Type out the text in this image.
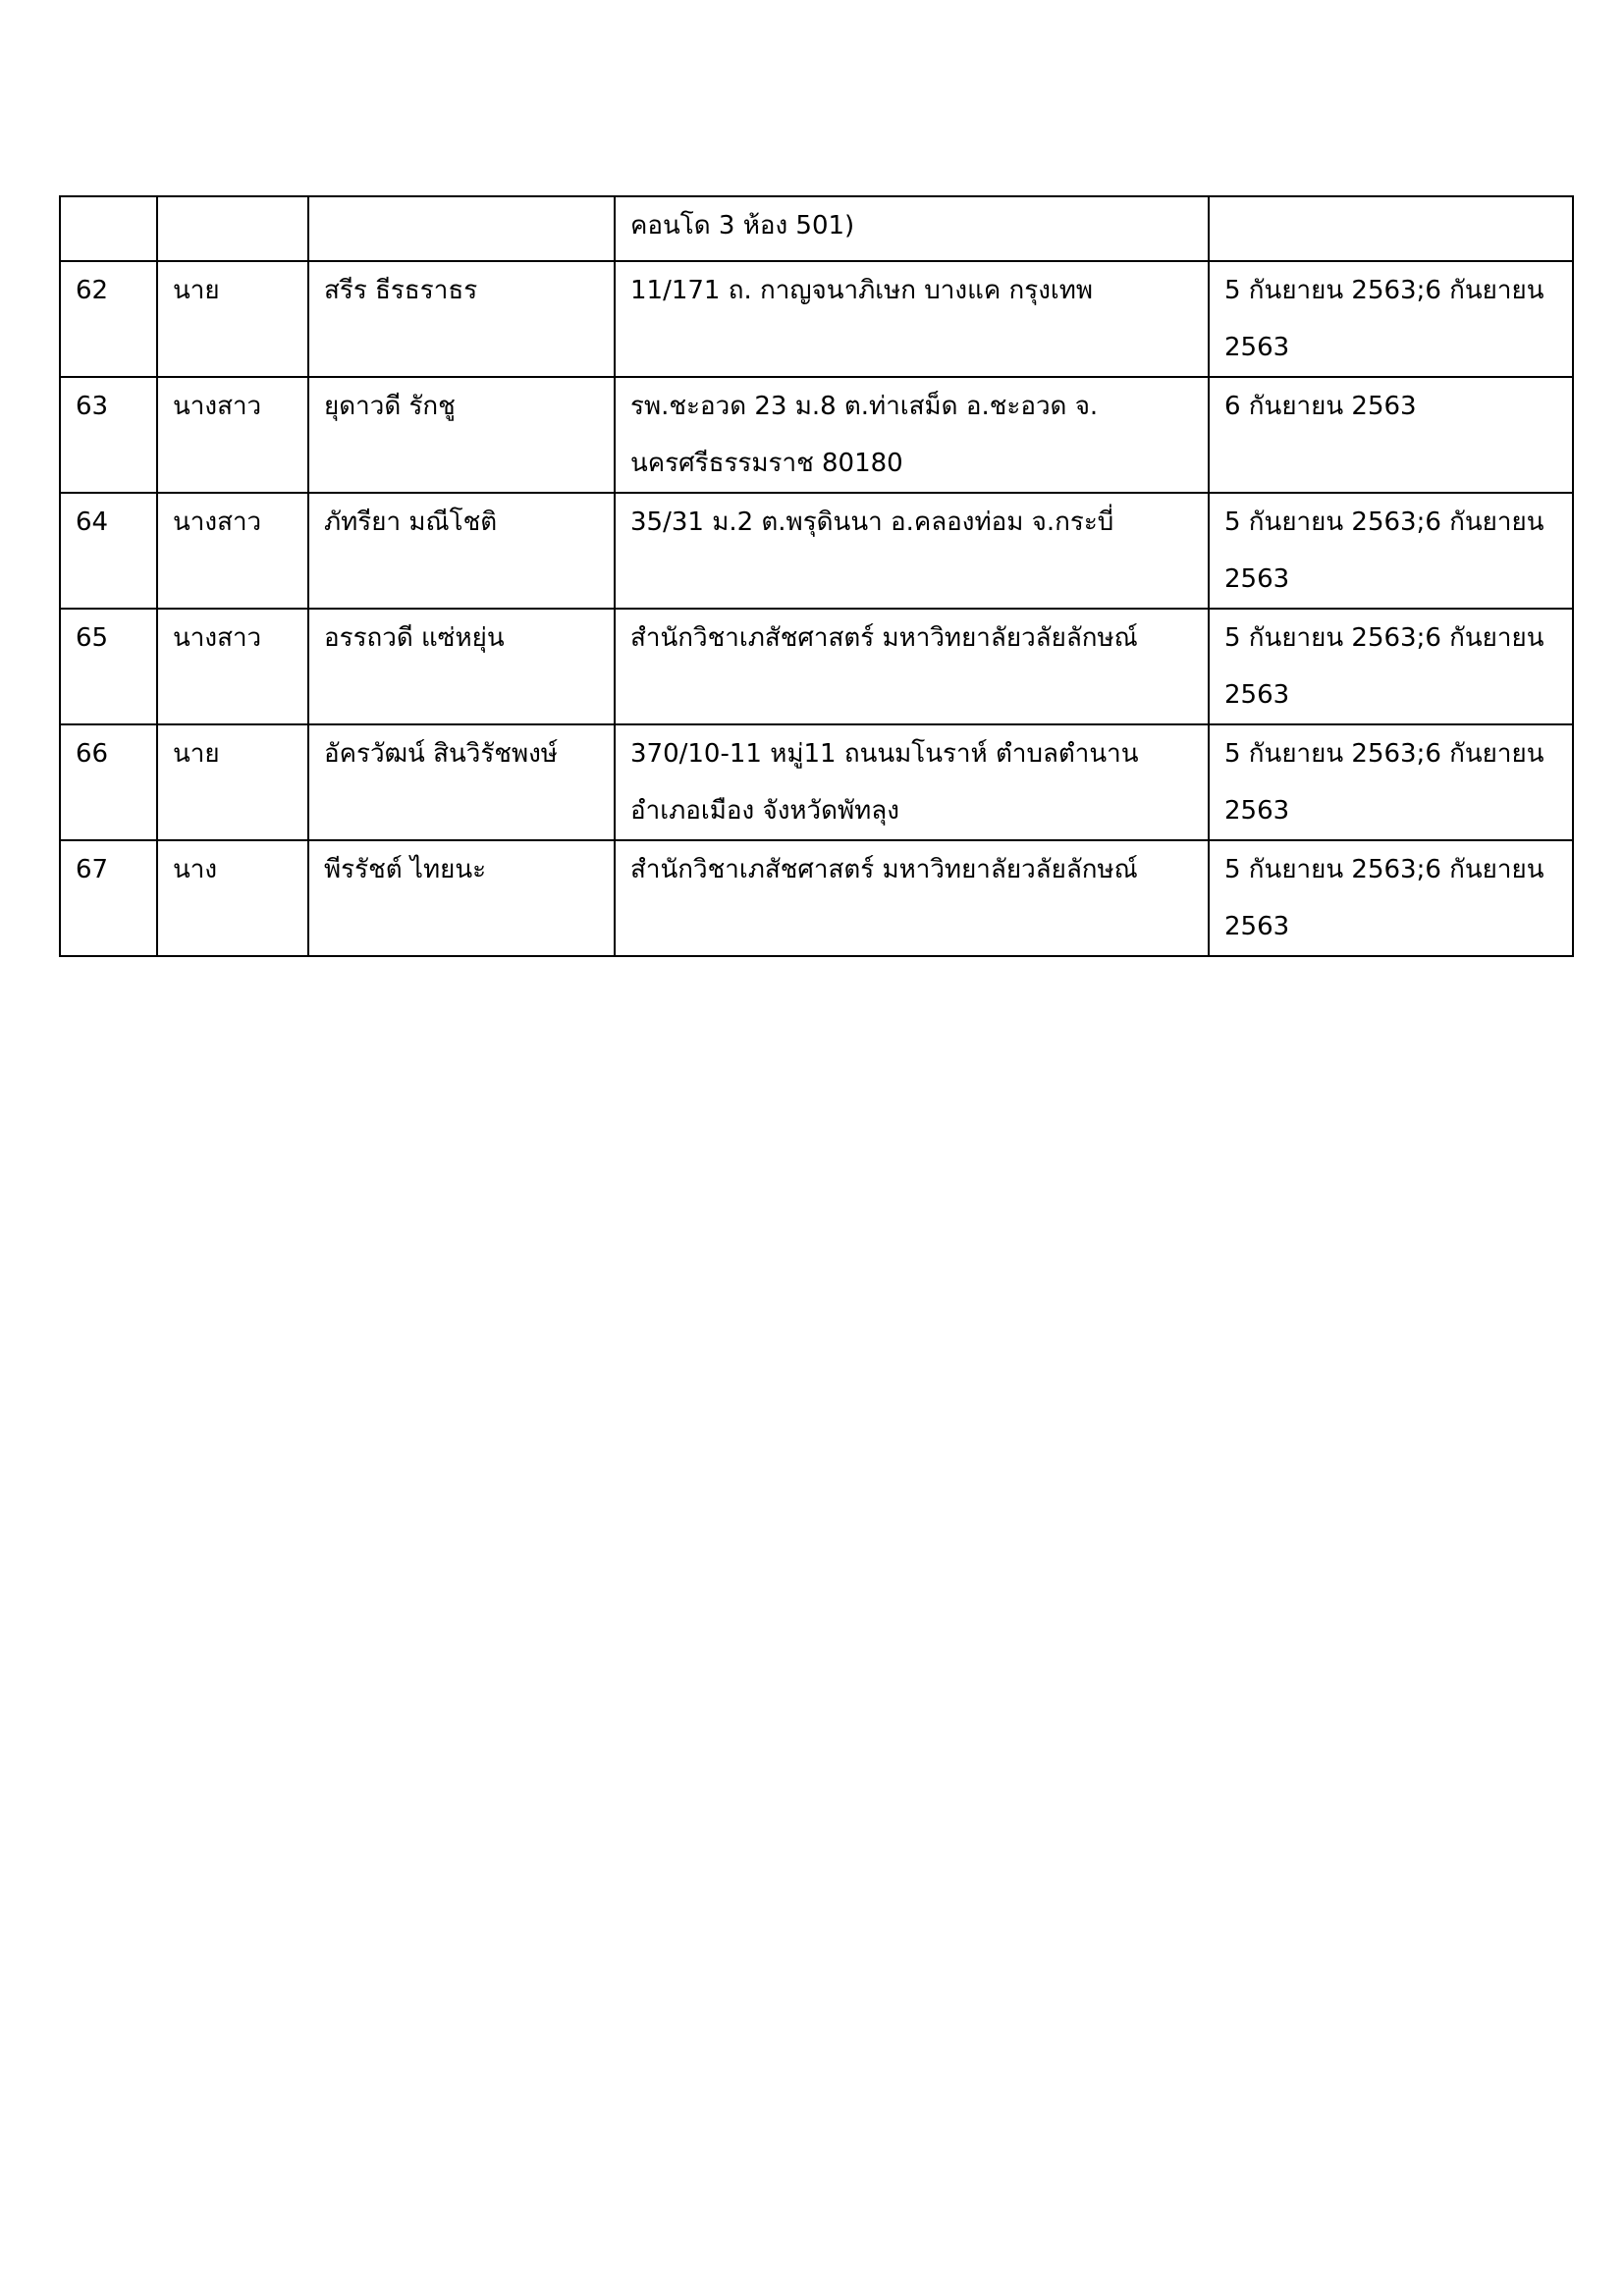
			คอนโด 3 ห้อง 501)	

62	นาย	สรีร ธีรธราธร	11/171 ถ. กาญจนาภิเษก บางแค กรุงเทพ	5 กันยายน 2563;6 กันยายน
2563

63	นางสาว	ยุดาวดี รักชู	รพ.ชะอวด 23 ม.8 ต.ท่าเสม็ด อ.ชะอวด จ.
นครศรีธรรมราช 80180	6 กันยายน 2563

64	นางสาว	ภัทรียา มณีโชติ	35/31 ม.2 ต.พรุดินนา อ.คลองท่อม จ.กระบี่	5 กันยายน 2563;6 กันยายน
2563

65	นางสาว	อรรถวดี แซ่หยุ่น	สำนักวิชาเภสัชศาสตร์ มหาวิทยาลัยวลัยลักษณ์	5 กันยายน 2563;6 กันยายน
2563

66	นาย	อัครวัฒน์ สินวิรัชพงษ์	370/10-11 หมู่11 ถนนมโนราห์ ตำบลตำนาน
อำเภอเมือง จังหวัดพัทลุง	5 กันยายน 2563;6 กันยายน
2563

67	นาง	พีรรัชต์ ไทยนะ	สำนักวิชาเภสัชศาสตร์ มหาวิทยาลัยวลัยลักษณ์	5 กันยายน 2563;6 กันยายน
2563
